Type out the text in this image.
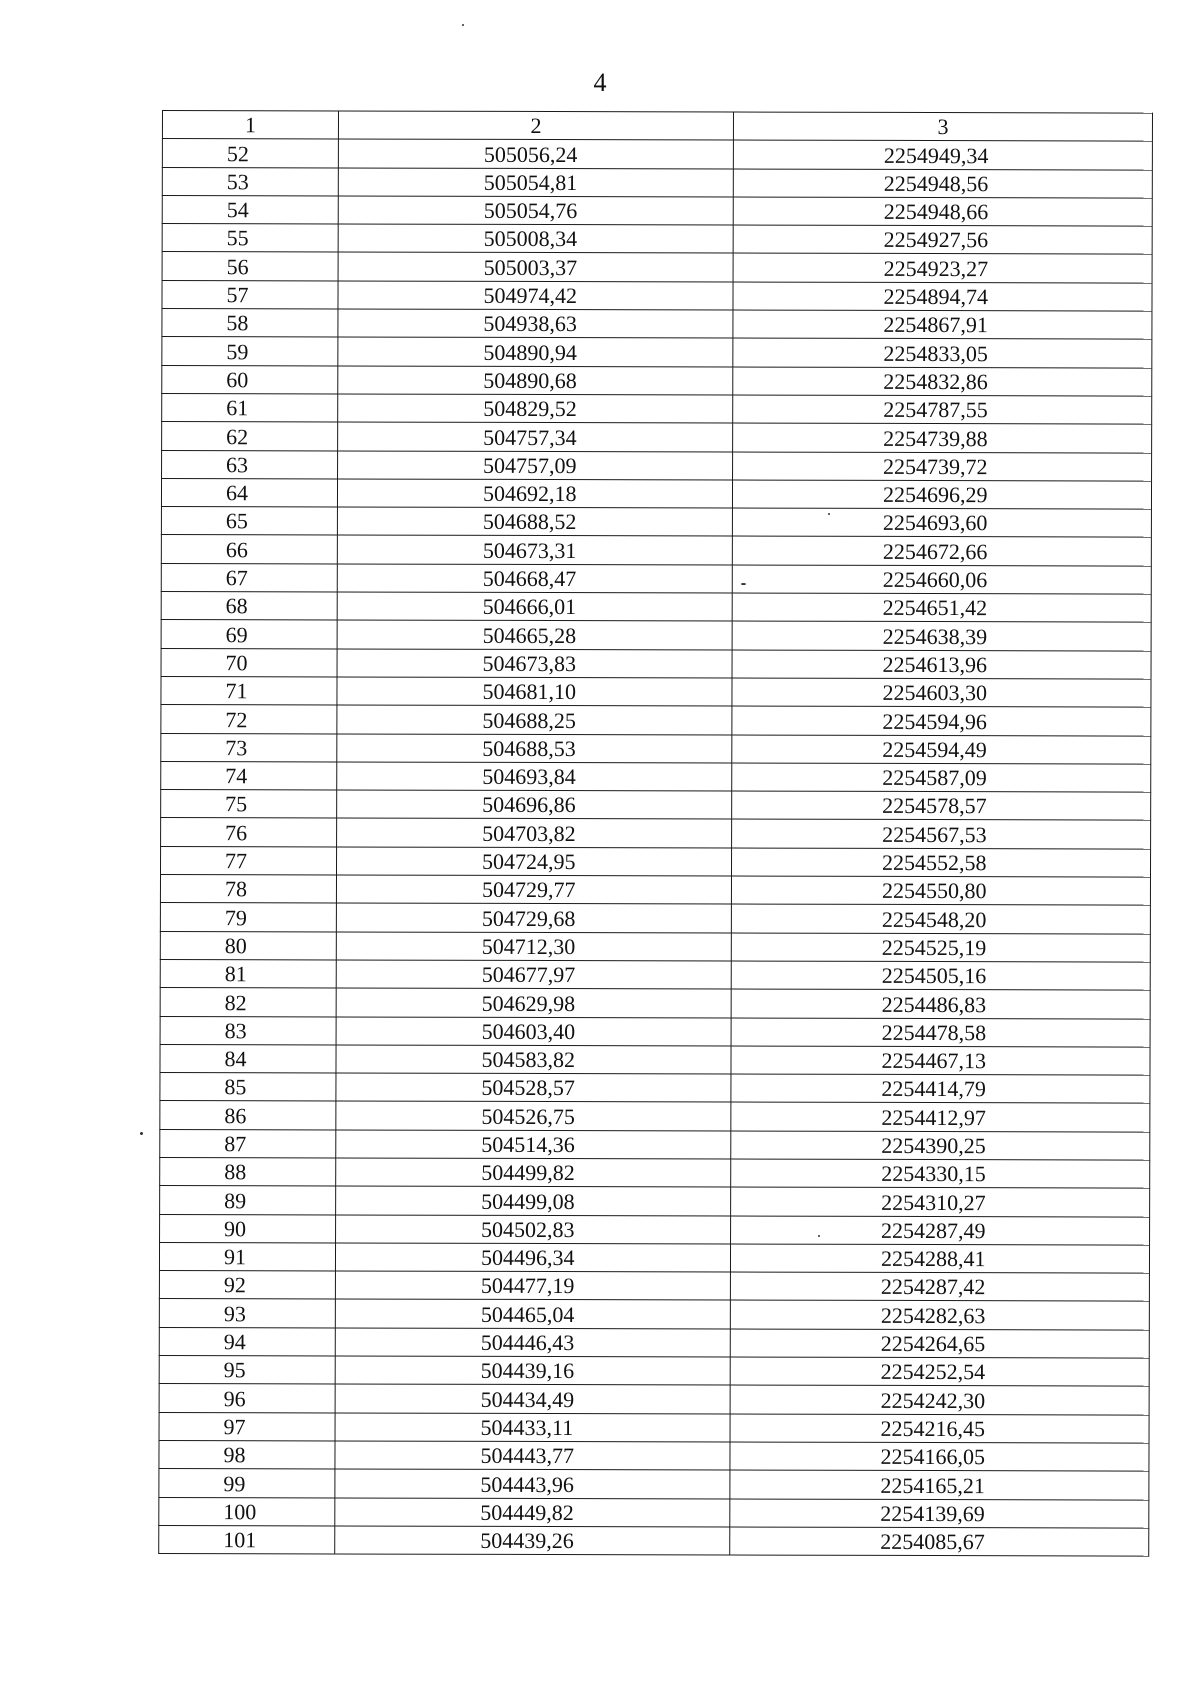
4
1	2	3
52	505056,24	2254949,34
53	505054,81	2254948,56
54	505054,76	2254948,66
55	505008,34	2254927,56
56	505003,37	2254923,27
57	504974,42	2254894,74
58	504938,63	2254867,91
59	504890,94	2254833,05
60	504890,68	2254832,86
61	504829,52	2254787,55
62	504757,34	2254739,88
63	504757,09	2254739,72
64	504692,18	2254696,29
65	504688,52	2254693,60
66	504673,31	2254672,66
67	504668,47	2254660,06
68	504666,01	2254651,42
69	504665,28	2254638,39
70	504673,83	2254613,96
71	504681,10	2254603,30
72	504688,25	2254594,96
73	504688,53	2254594,49
74	504693,84	2254587,09
75	504696,86	2254578,57
76	504703,82	2254567,53
77	504724,95	2254552,58
78	504729,77	2254550,80
79	504729,68	2254548,20
80	504712,30	2254525,19
81	504677,97	2254505,16
82	504629,98	2254486,83
83	504603,40	2254478,58
84	504583,82	2254467,13
85	504528,57	2254414,79
86	504526,75	2254412,97
87	504514,36	2254390,25
88	504499,82	2254330,15
89	504499,08	2254310,27
90	504502,83	2254287,49
91	504496,34	2254288,41
92	504477,19	2254287,42
93	504465,04	2254282,63
94	504446,43	2254264,65
95	504439,16	2254252,54
96	504434,49	2254242,30
97	504433,11	2254216,45
98	504443,77	2254166,05
99	504443,96	2254165,21
100	504449,82	2254139,69
101	504439,26	2254085,67
